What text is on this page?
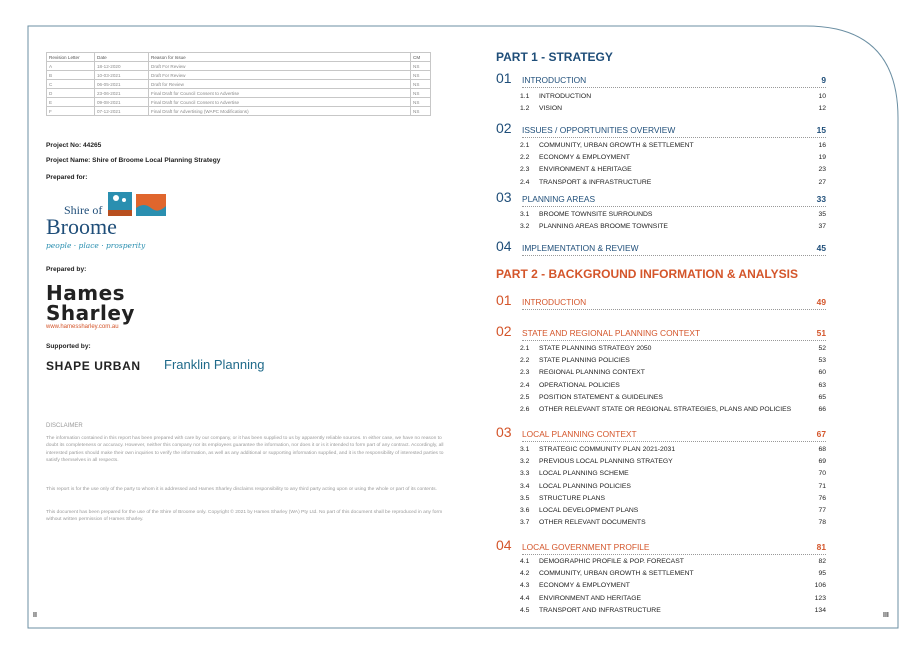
Revision Letter	Date	Reason for Issue	CM
A	18-12-2020	Draft For Review	NS
B	10-03-2021	Draft For Review	NS
C	06-05-2021	Draft for Review	NS
D	23-06-2021	Final Draft for Council Consent to Advertise	NS
E	09-08-2021	Final Draft for Council Consent to Advertise	NS
F	07-12-2021	Final Draft for Advertising (WAPC Modifications)	NS
Project No: 44265
Project Name: Shire of Broome Local Planning Strategy
Prepared for:
Shire of
Broome
people · place · prosperity
Prepared by:
Hames
Sharley
www.hamessharley.com.au
Supported by:
SHAPE URBAN Franklin Planning
DISCLAIMER
The information contained in this report has been prepared with care by our company, or it has been supplied to us by apparently reliable sources. In either case, we have no reason to doubt its completeness or accuracy. However, neither this company nor its employees guarantee the information, nor does it or is it intended to form part of any contract. Accordingly, all interested parties should make their own inquiries to verify the information, as well as any additional or supporting information supplied, and it is the responsibility of interested parties to satisfy themselves in all respects.
This report is for the use only of the party to whom it is addressed and Hames Sharley disclaims responsibility to any third party acting upon or using the whole or part of its contents.
This document has been prepared for the use of the Shire of Broome only. Copyright © 2021 by Hames Sharley (WA) Pty Ltd. No part of this document shall be reproduced in any form without written permission of Hames Sharley.
II	III
PART 1 - STRATEGY
01 INTRODUCTION	9
1.1 INTRODUCTION	10
1.2 VISION	12
02 ISSUES / OPPORTUNITIES OVERVIEW	15
2.1 COMMUNITY, URBAN GROWTH & SETTLEMENT	16
2.2 ECONOMY & EMPLOYMENT	19
2.3 ENVIRONMENT & HERITAGE	23
2.4 TRANSPORT & INFRASTRUCTURE	27
03 PLANNING AREAS	33
3.1 BROOME TOWNSITE SURROUNDS	35
3.2 PLANNING AREAS BROOME TOWNSITE	37
04 IMPLEMENTATION & REVIEW	45
PART 2 - BACKGROUND INFORMATION & ANALYSIS
01 INTRODUCTION	49
02 STATE AND REGIONAL PLANNING CONTEXT	51
2.1 STATE PLANNING STRATEGY 2050	52
2.2 STATE PLANNING POLICIES	53
2.3 REGIONAL PLANNING CONTEXT	60
2.4 OPERATIONAL POLICIES	63
2.5 POSITION STATEMENT & GUIDELINES	65
2.6 OTHER RELEVANT STATE OR REGIONAL STRATEGIES, PLANS AND POLICIES	66
03 LOCAL PLANNING CONTEXT	67
3.1 STRATEGIC COMMUNITY PLAN 2021-2031	68
3.2 PREVIOUS LOCAL PLANNING STRATEGY	69
3.3 LOCAL PLANNING SCHEME	70
3.4 LOCAL PLANNING POLICIES	71
3.5 STRUCTURE PLANS	76
3.6 LOCAL DEVELOPMENT PLANS	77
3.7 OTHER RELEVANT DOCUMENTS	78
04 LOCAL GOVERNMENT PROFILE	81
4.1 DEMOGRAPHIC PROFILE & POP. FORECAST	82
4.2 COMMUNITY, URBAN GROWTH & SETTLEMENT	95
4.3 ECONOMY & EMPLOYMENT	106
4.4 ENVIRONMENT AND HERITAGE	123
4.5 TRANSPORT AND INFRASTRUCTURE	134
